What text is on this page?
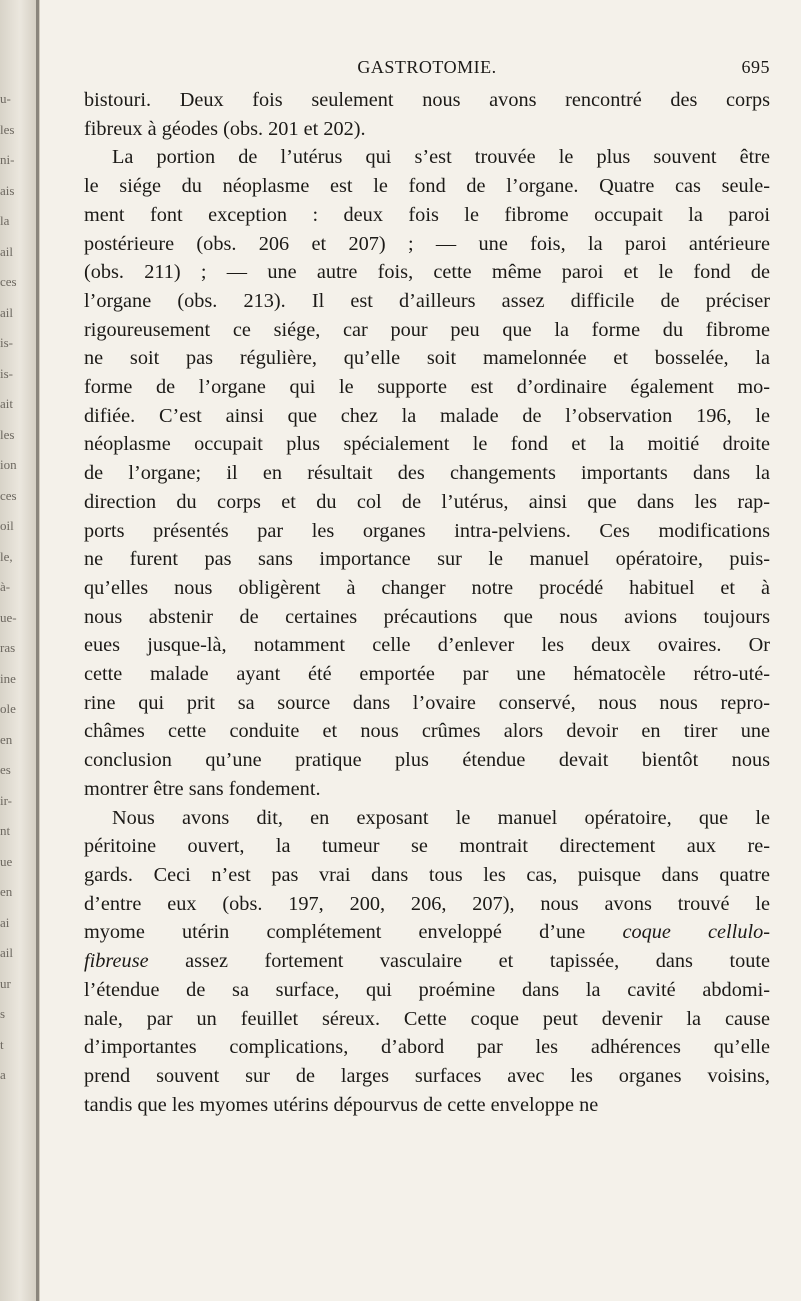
u-
les
ni-
ais
la
ail
ces
ail
is-
is-
ait
les
ion
ces
oil
le,
à-
ue-
ras
ine
ole
en
es
ir-
nt
ue
en
ai
ail
ur
s
t
a
GASTROTOMIE.	695

bistouri. Deux fois seulement nous avons rencontré des corps
fibreux à géodes (obs. 201 et 202).

La portion de l’utérus qui s’est trouvée le plus souvent être
le siége du néoplasme est le fond de l’organe. Quatre cas seule-
ment font exception : deux fois le fibrome occupait la paroi
postérieure (obs. 206 et 207) ; — une fois, la paroi antérieure
(obs. 211) ; — une autre fois, cette même paroi et le fond de
l’organe (obs. 213). Il est d’ailleurs assez difficile de préciser
rigoureusement ce siége, car pour peu que la forme du fibrome
ne soit pas régulière, qu’elle soit mamelonnée et bosselée, la
forme de l’organe qui le supporte est d’ordinaire également mo-
difiée. C’est ainsi que chez la malade de l’observation 196, le
néoplasme occupait plus spécialement le fond et la moitié droite
de l’organe; il en résultait des changements importants dans la
direction du corps et du col de l’utérus, ainsi que dans les rap-
ports présentés par les organes intra-pelviens. Ces modifications
ne furent pas sans importance sur le manuel opératoire, puis-
qu’elles nous obligèrent à changer notre procédé habituel et à
nous abstenir de certaines précautions que nous avions toujours
eues jusque-là, notamment celle d’enlever les deux ovaires. Or
cette malade ayant été emportée par une hématocèle rétro-uté-
rine qui prit sa source dans l’ovaire conservé, nous nous repro-
châmes cette conduite et nous crûmes alors devoir en tirer une
conclusion qu’une pratique plus étendue devait bientôt nous
montrer être sans fondement.

Nous avons dit, en exposant le manuel opératoire, que le
péritoine ouvert, la tumeur se montrait directement aux re-
gards. Ceci n’est pas vrai dans tous les cas, puisque dans quatre
d’entre eux (obs. 197, 200, 206, 207), nous avons trouvé le
myome utérin complétement enveloppé d’une coque cellulo-
fibreuse assez fortement vasculaire et tapissée, dans toute
l’étendue de sa surface, qui proémine dans la cavité abdomi-
nale, par un feuillet séreux. Cette coque peut devenir la cause
d’importantes complications, d’abord par les adhérences qu’elle
prend souvent sur de larges surfaces avec les organes voisins,
tandis que les myomes utérins dépourvus de cette enveloppe ne
